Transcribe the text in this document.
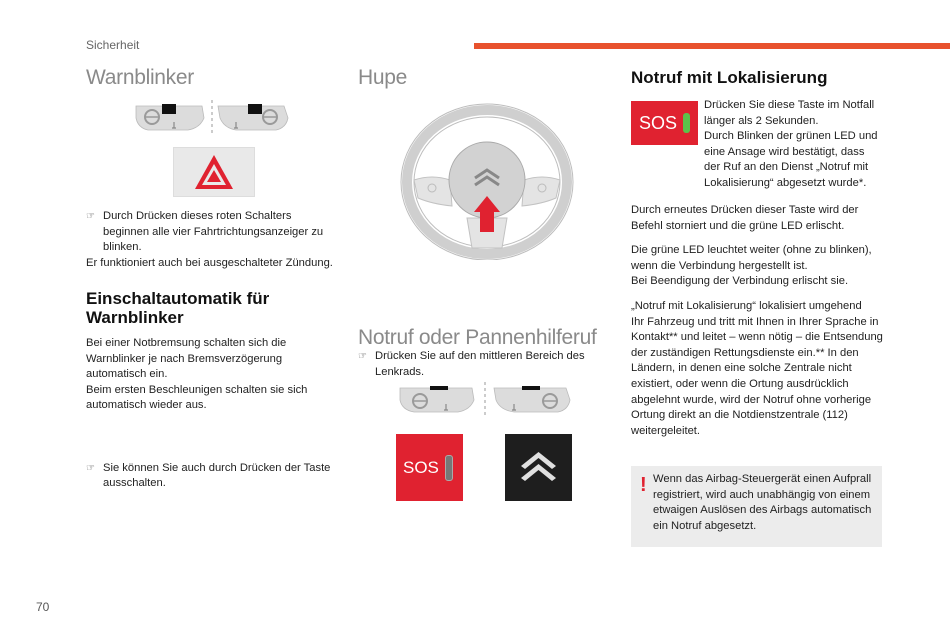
Sicherheit
Warnblinker
☞ Durch Drücken dieses roten Schalters
beginnen alle vier Fahrtrichtungsanzeiger zu
blinken.
Er funktioniert auch bei ausgeschalteter Zündung.
Einschaltautomatik für
Warnblinker
Bei einer Notbremsung schalten sich die
Warnblinker je nach Bremsverzögerung
automatisch ein.
Beim ersten Beschleunigen schalten sie sich
automatisch wieder aus.
☞ Sie können Sie auch durch Drücken der Taste
ausschalten.
Hupe
☞ Drücken Sie auf den mittleren Bereich des
Lenkrads.
Notruf oder Pannenhilferuf
SOS
Notruf mit Lokalisierung
SOS
Drücken Sie diese Taste im Notfall
länger als 2 Sekunden.
Durch Blinken der grünen LED und
eine Ansage wird bestätigt, dass
der Ruf an den Dienst „Notruf mit
Lokalisierung“ abgesetzt wurde*.
Durch erneutes Drücken dieser Taste wird der
Befehl storniert und die grüne LED erlischt.
Die grüne LED leuchtet weiter (ohne zu blinken),
wenn die Verbindung hergestellt ist.
Bei Beendigung der Verbindung erlischt sie.
„Notruf mit Lokalisierung“ lokalisiert umgehend
Ihr Fahrzeug und tritt mit Ihnen in Ihrer Sprache in
Kontakt** und leitet – wenn nötig – die Entsendung
der zuständigen Rettungsdienste ein.** In den
Ländern, in denen eine solche Zentrale nicht
existiert, oder wenn die Ortung ausdrücklich
abgelehnt wurde, wird der Notruf ohne vorherige
Ortung direkt an die Notdienstzentrale (112)
weitergeleitet.
! Wenn das Airbag-Steuergerät einen Aufprall
registriert, wird auch unabhängig von einem
etwaigen Auslösen des Airbags automatisch
ein Notruf abgesetzt.
70
